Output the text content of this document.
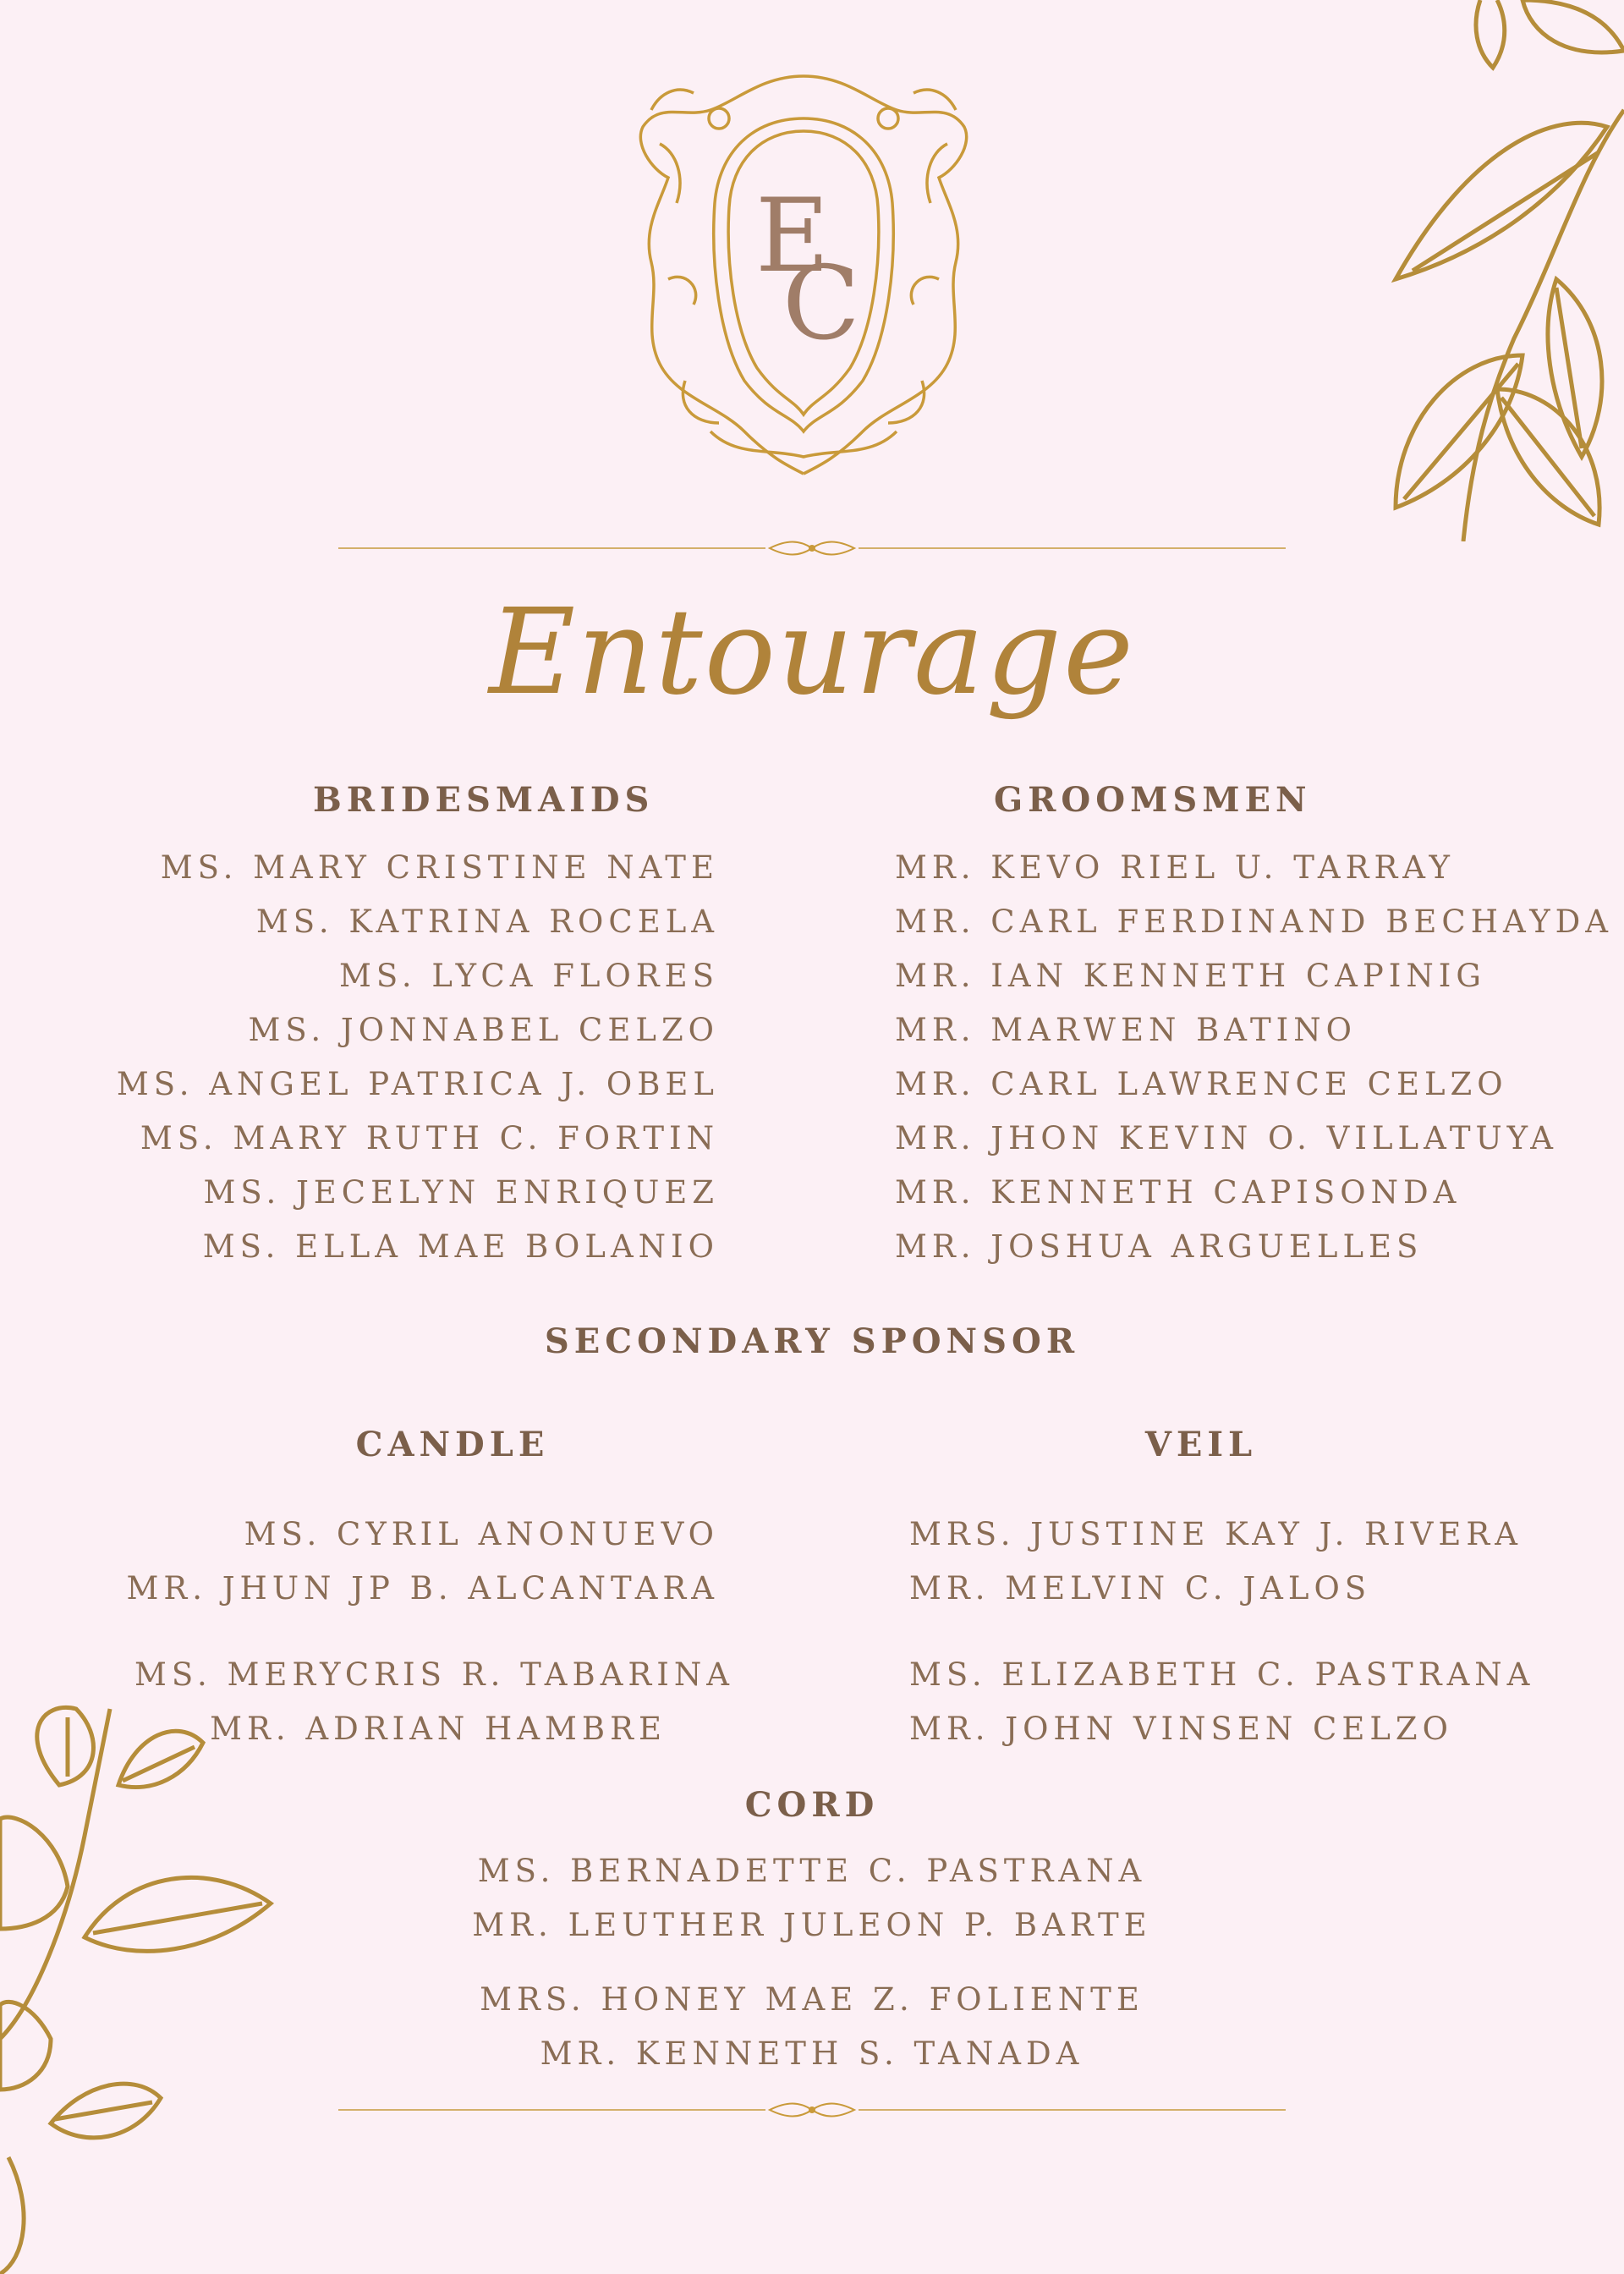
E
C
Entourage
BRIDESMAIDS
MS. MARY CRISTINE NATE
MS. KATRINA ROCELA
MS. LYCA FLORES
MS. JONNABEL CELZO
MS. ANGEL PATRICA J. OBEL
MS. MARY RUTH C. FORTIN
MS. JECELYN ENRIQUEZ
MS. ELLA MAE BOLANIO
GROOMSMEN
MR. KEVO RIEL U. TARRAY
MR. CARL FERDINAND BECHAYDA
MR. IAN KENNETH CAPINIG
MR. MARWEN BATINO
MR. CARL LAWRENCE CELZO
MR. JHON KEVIN O. VILLATUYA
MR. KENNETH CAPISONDA
MR. JOSHUA ARGUELLES
SECONDARY SPONSOR
CANDLE
MS. CYRIL ANONUEVO
MR. JHUN JP B. ALCANTARA
MS. MERYCRIS R. TABARINA
MR. ADRIAN HAMBRE
VEIL
MRS. JUSTINE KAY J. RIVERA
MR. MELVIN C. JALOS
MS. ELIZABETH C. PASTRANA
MR. JOHN VINSEN CELZO
CORD
MS. BERNADETTE C. PASTRANA
MR. LEUTHER JULEON P. BARTE
MRS. HONEY MAE Z. FOLIENTE
MR. KENNETH S. TANADA
